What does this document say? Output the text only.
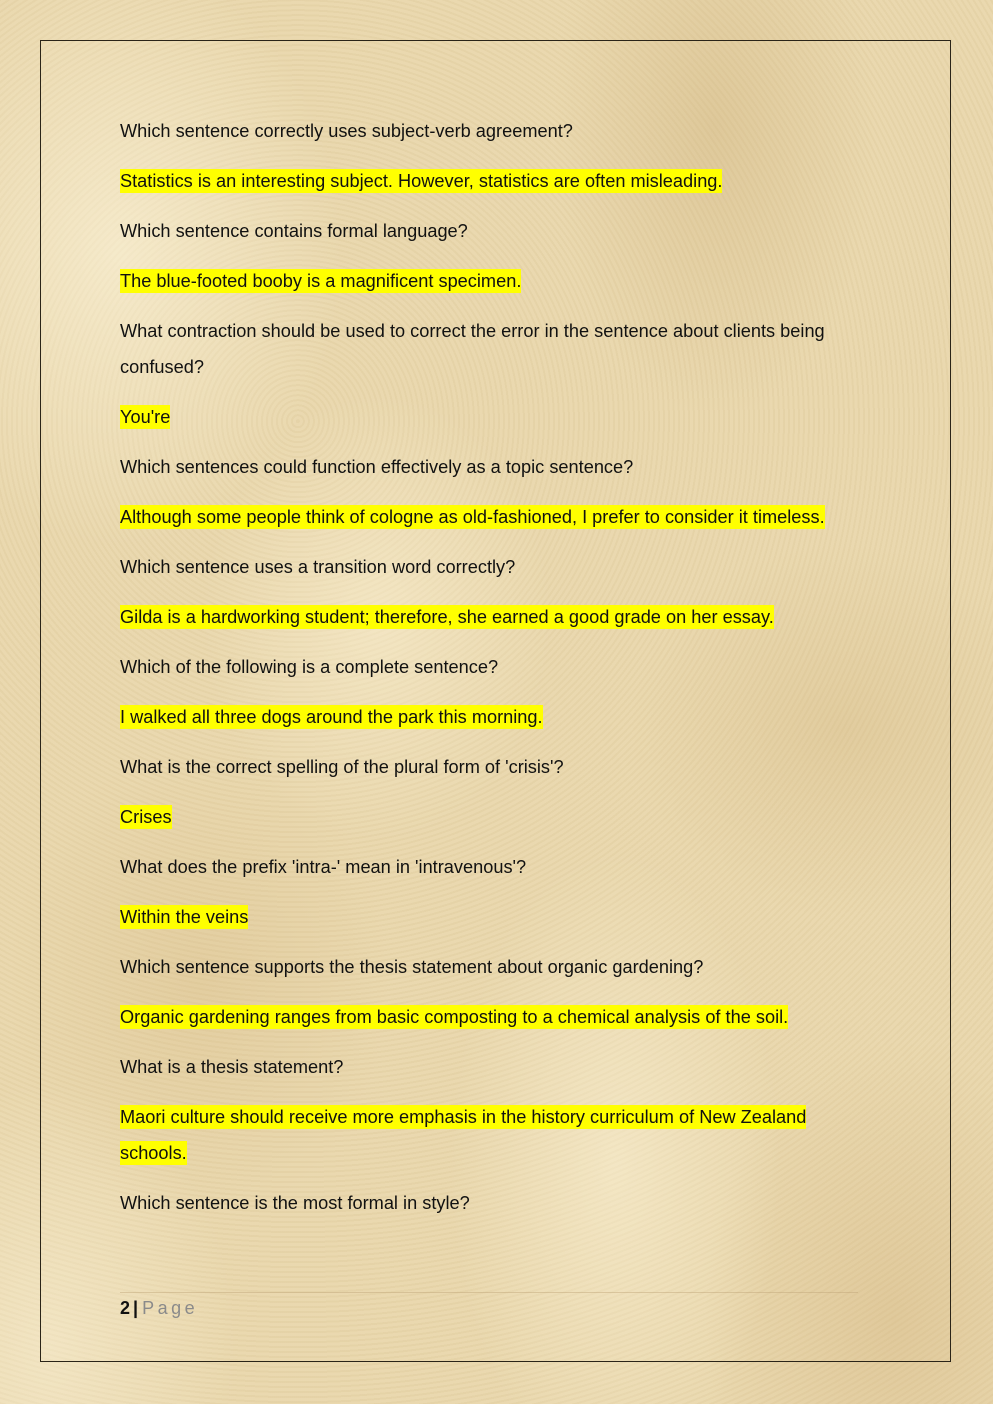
Which sentence correctly uses subject-verb agreement?

Statistics is an interesting subject. However, statistics are often misleading.

Which sentence contains formal language?

The blue-footed booby is a magnificent specimen.

What contraction should be used to correct the error in the sentence about clients being confused?

You're

Which sentences could function effectively as a topic sentence?

Although some people think of cologne as old-fashioned, I prefer to consider it timeless.

Which sentence uses a transition word correctly?

Gilda is a hardworking student; therefore, she earned a good grade on her essay.

Which of the following is a complete sentence?

I walked all three dogs around the park this morning.

What is the correct spelling of the plural form of 'crisis'?

Crises

What does the prefix 'intra-' mean in 'intravenous'?

Within the veins

Which sentence supports the thesis statement about organic gardening?

Organic gardening ranges from basic composting to a chemical analysis of the soil.

What is a thesis statement?

Maori culture should receive more emphasis in the history curriculum of New Zealand schools.

Which sentence is the most formal in style?

2 | Page
